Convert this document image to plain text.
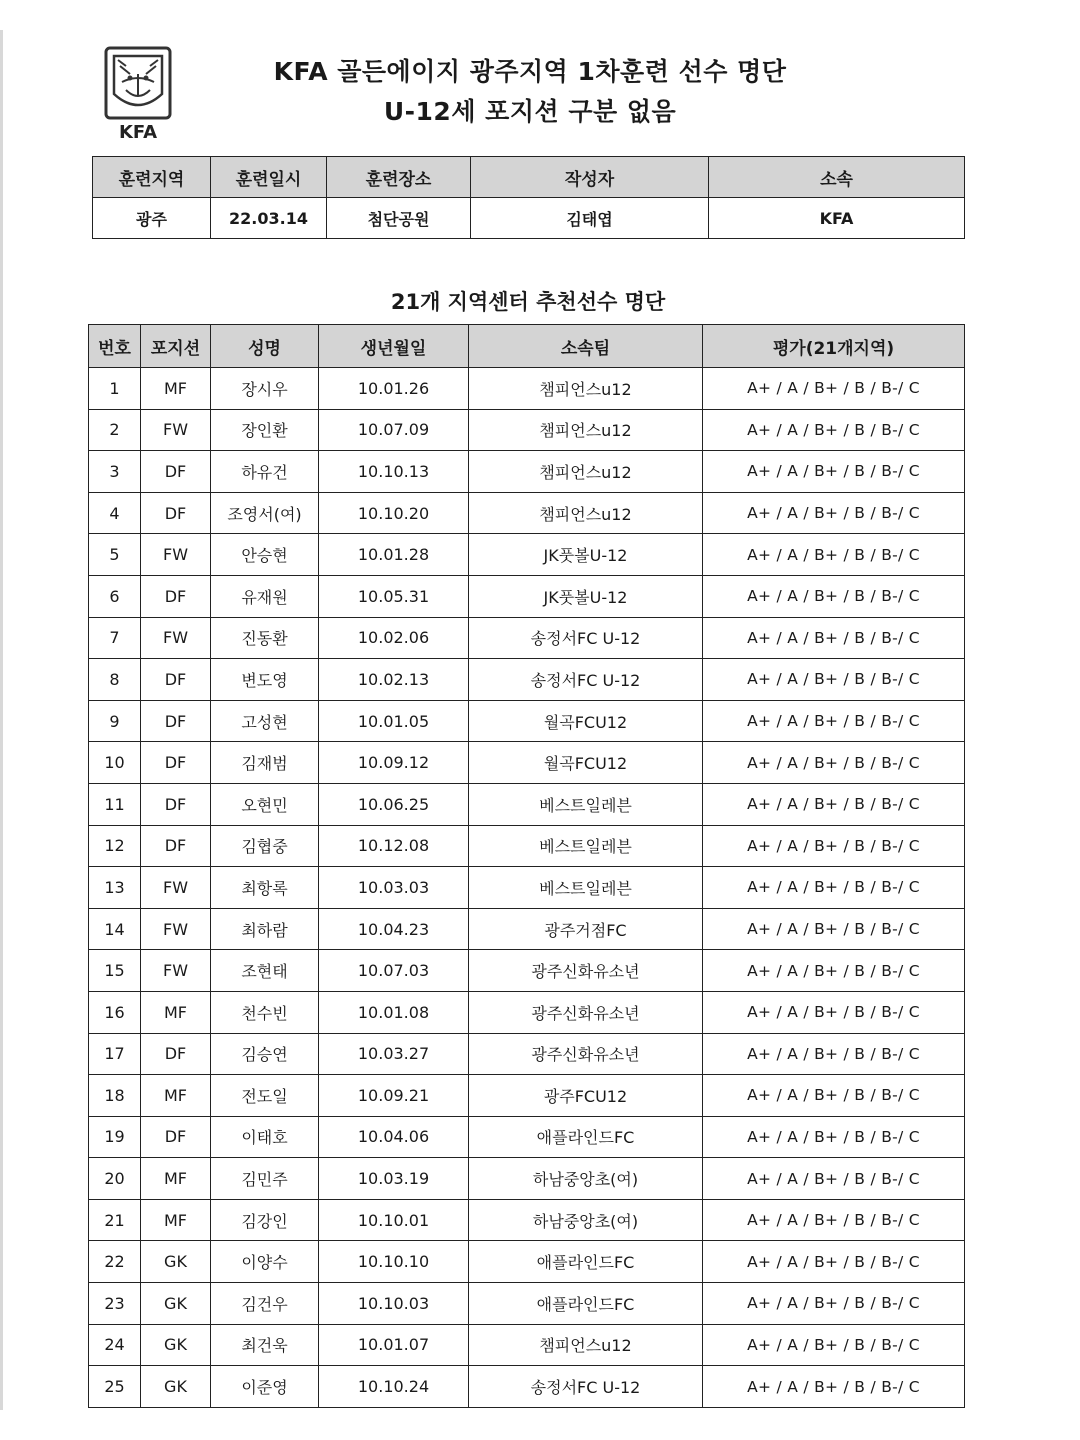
KFA
KFA 골든에이지 광주지역 1차훈련 선수 명단
U-12세 포지션 구분 없음
훈련지역	훈련일시	훈련장소	작성자	소속
광주	22.03.14	첨단공원	김태엽	KFA
21개 지역센터 추천선수 명단
번호	포지션	성명	생년월일	소속팀	평가(21개지역)
1	MF	장시우	10.01.26	챔피언스u12	A+ / A / B+ / B / B-/ C
2	FW	장인환	10.07.09	챔피언스u12	A+ / A / B+ / B / B-/ C
3	DF	하유건	10.10.13	챔피언스u12	A+ / A / B+ / B / B-/ C
4	DF	조영서(여)	10.10.20	챔피언스u12	A+ / A / B+ / B / B-/ C
5	FW	안승현	10.01.28	JK풋볼U-12	A+ / A / B+ / B / B-/ C
6	DF	유재원	10.05.31	JK풋볼U-12	A+ / A / B+ / B / B-/ C
7	FW	진동환	10.02.06	송정서FC U-12	A+ / A / B+ / B / B-/ C
8	DF	변도영	10.02.13	송정서FC U-12	A+ / A / B+ / B / B-/ C
9	DF	고성현	10.01.05	월곡FCU12	A+ / A / B+ / B / B-/ C
10	DF	김재범	10.09.12	월곡FCU12	A+ / A / B+ / B / B-/ C
11	DF	오현민	10.06.25	베스트일레븐	A+ / A / B+ / B / B-/ C
12	DF	김협중	10.12.08	베스트일레븐	A+ / A / B+ / B / B-/ C
13	FW	최항록	10.03.03	베스트일레븐	A+ / A / B+ / B / B-/ C
14	FW	최하람	10.04.23	광주거점FC	A+ / A / B+ / B / B-/ C
15	FW	조현태	10.07.03	광주신화유소년	A+ / A / B+ / B / B-/ C
16	MF	천수빈	10.01.08	광주신화유소년	A+ / A / B+ / B / B-/ C
17	DF	김승연	10.03.27	광주신화유소년	A+ / A / B+ / B / B-/ C
18	MF	전도일	10.09.21	광주FCU12	A+ / A / B+ / B / B-/ C
19	DF	이태호	10.04.06	애플라인드FC	A+ / A / B+ / B / B-/ C
20	MF	김민주	10.03.19	하남중앙초(여)	A+ / A / B+ / B / B-/ C
21	MF	김강인	10.10.01	하남중앙초(여)	A+ / A / B+ / B / B-/ C
22	GK	이양수	10.10.10	애플라인드FC	A+ / A / B+ / B / B-/ C
23	GK	김건우	10.10.03	애플라인드FC	A+ / A / B+ / B / B-/ C
24	GK	최건욱	10.01.07	챔피언스u12	A+ / A / B+ / B / B-/ C
25	GK	이준영	10.10.24	송정서FC U-12	A+ / A / B+ / B / B-/ C
